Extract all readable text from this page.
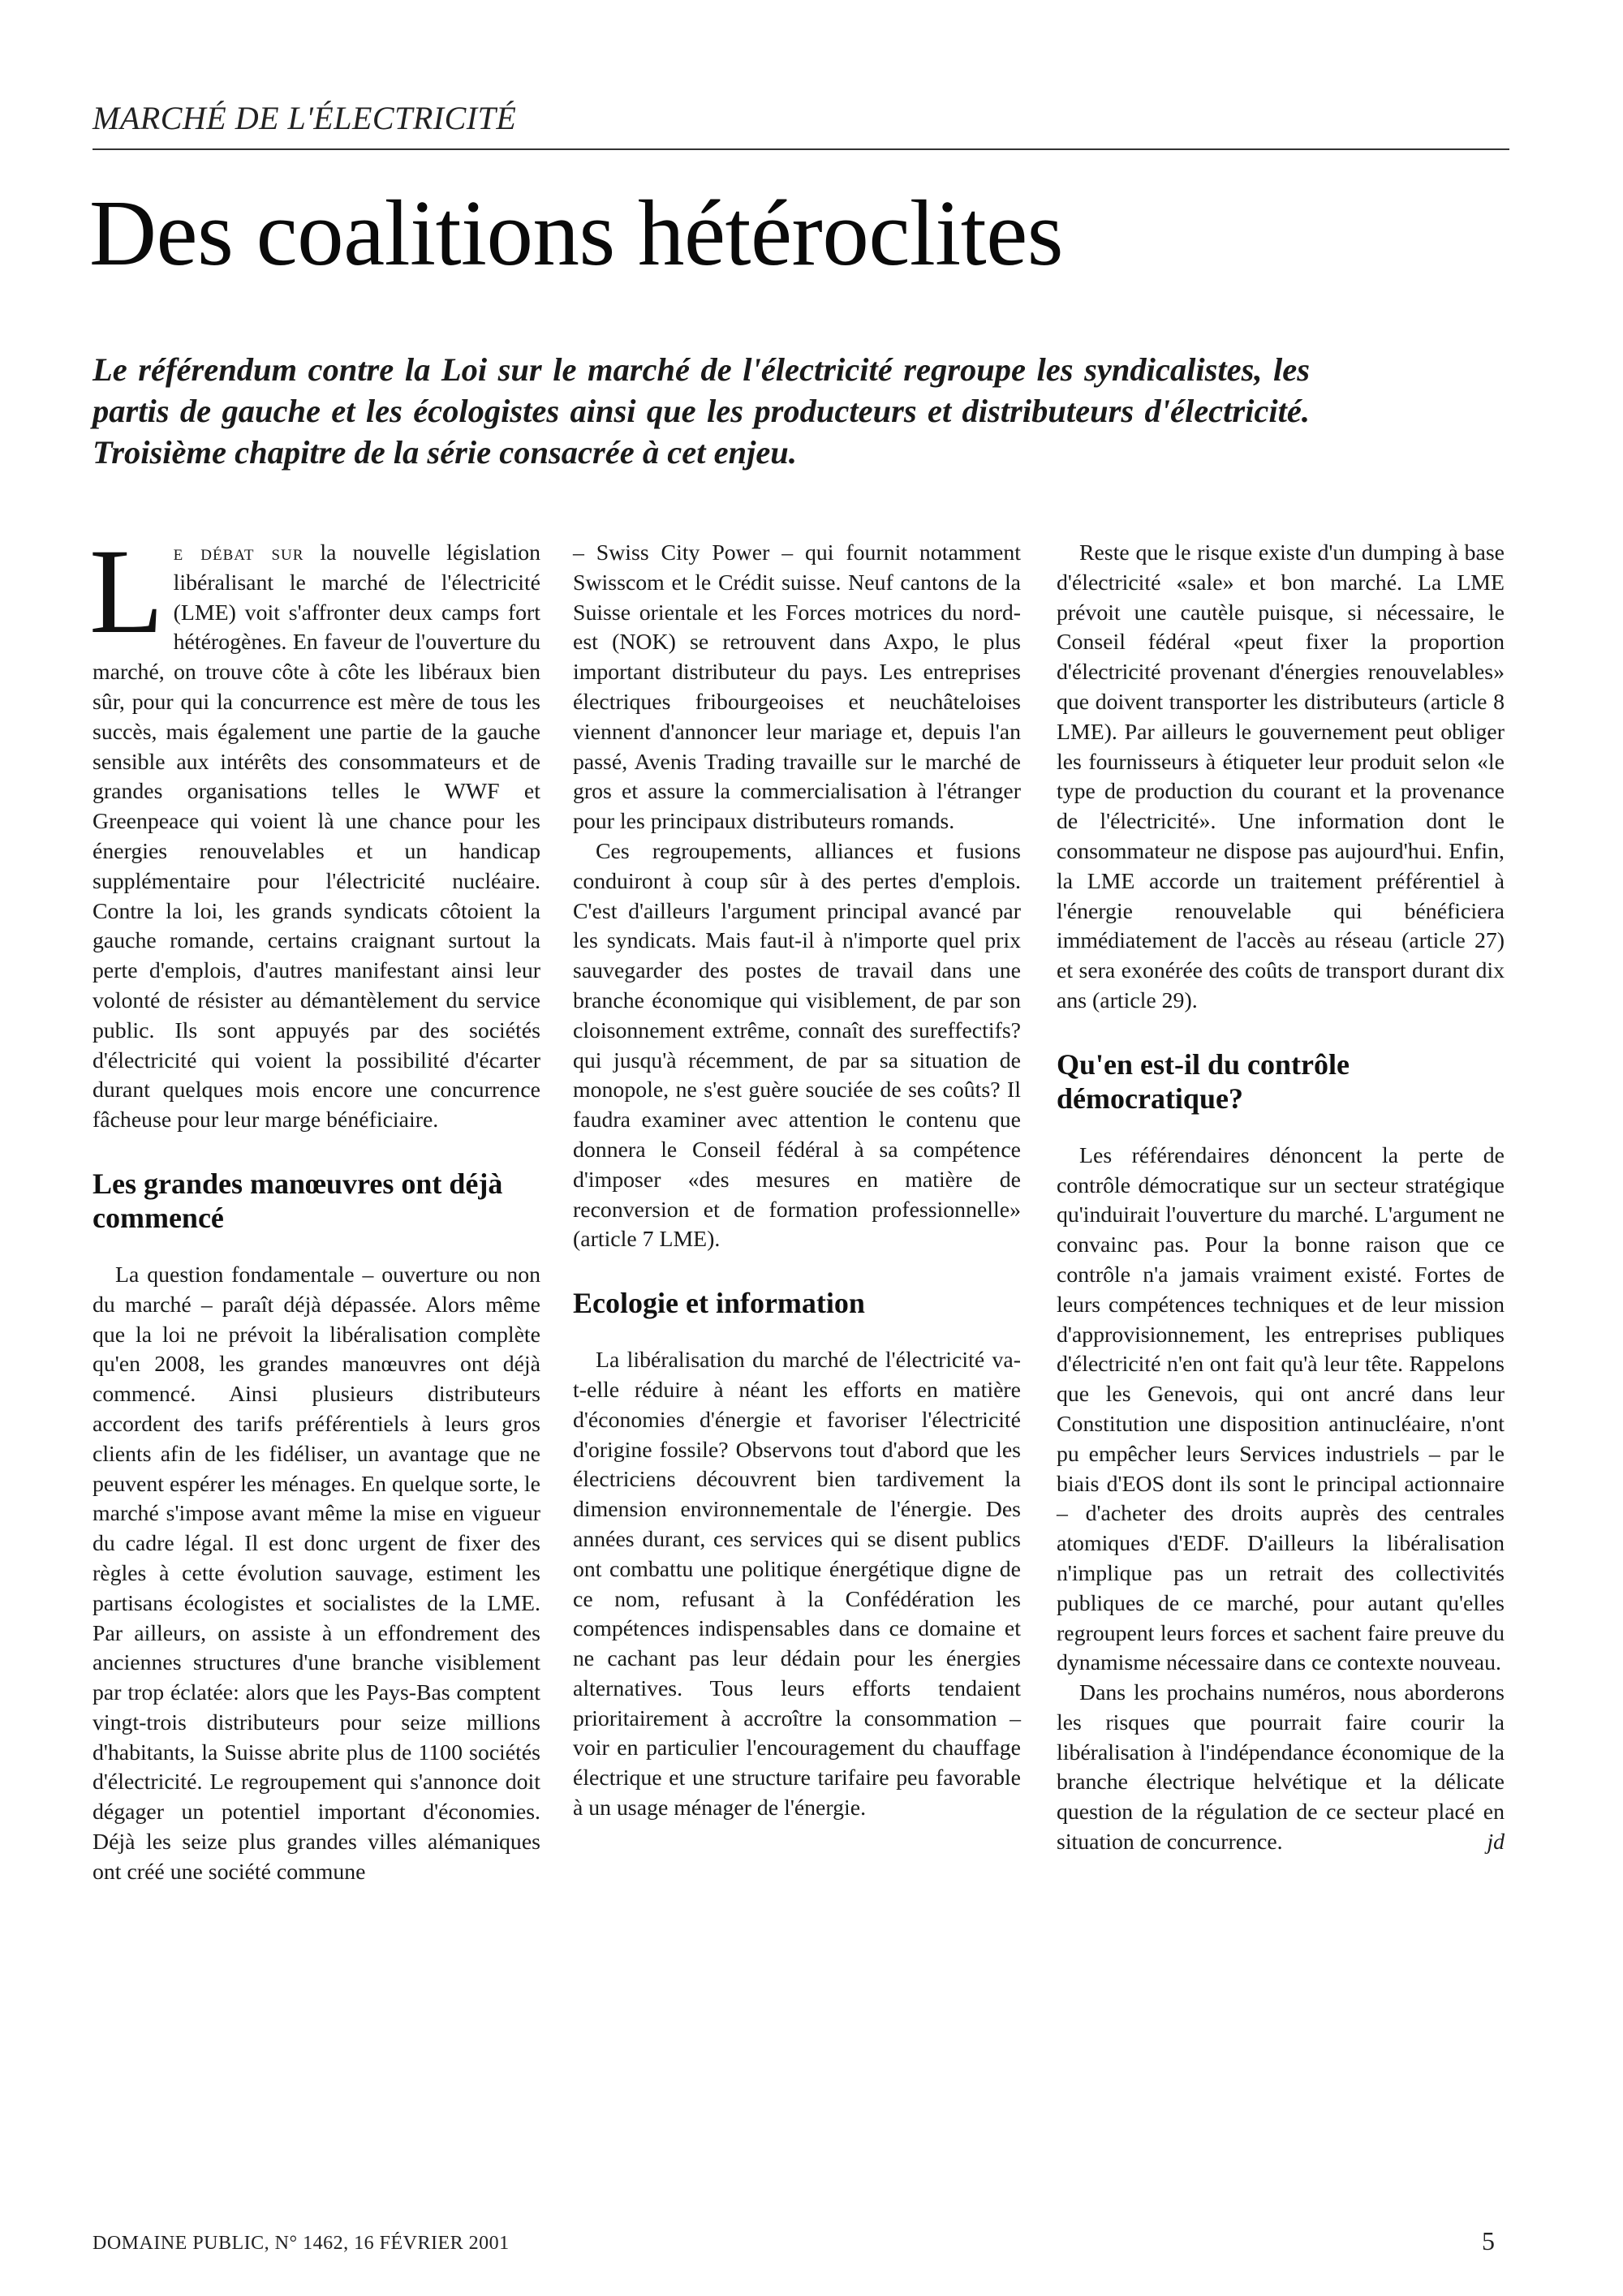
MARCHÉ DE L'ÉLECTRICITÉ
Des coalitions hétéroclites

Le référendum contre la Loi sur le marché de l'électricité regroupe les syndicalistes, les partis de gauche et les écologistes ainsi que les producteurs et distributeurs d'électricité. Troisième chapitre de la série consacrée à cet enjeu.

Le débat sur la nouvelle législation libéralisant le marché de l'électricité (LME) voit s'affronter deux camps fort hétérogènes. En faveur de l'ouverture du marché, on trouve côte à côte les libéraux bien sûr, pour qui la concurrence est mère de tous les succès, mais également une partie de la gauche sensible aux intérêts des consommateurs et de grandes organisations telles le WWF et Greenpeace qui voient là une chance pour les énergies renouvelables et un handicap supplémentaire pour l'électricité nucléaire. Contre la loi, les grands syndicats côtoient la gauche romande, certains craignant surtout la perte d'emplois, d'autres manifestant ainsi leur volonté de résister au démantèlement du service public. Ils sont appuyés par des sociétés d'électricité qui voient la possibilité d'écarter durant quelques mois encore une concurrence fâcheuse pour leur marge bénéficiaire.

Les grandes manœuvres ont déjà commencé

La question fondamentale – ouverture ou non du marché – paraît déjà dépassée. Alors même que la loi ne prévoit la libéralisation complète qu'en 2008, les grandes manœuvres ont déjà commencé. Ainsi plusieurs distributeurs accordent des tarifs préférentiels à leurs gros clients afin de les fidéliser, un avantage que ne peuvent espérer les ménages. En quelque sorte, le marché s'impose avant même la mise en vigueur du cadre légal. Il est donc urgent de fixer des règles à cette évolution sauvage, estiment les partisans écologistes et socialistes de la LME. Par ailleurs, on assiste à un effondrement des anciennes structures d'une branche visiblement par trop éclatée: alors que les Pays-Bas comptent vingt-trois distributeurs pour seize millions d'habitants, la Suisse abrite plus de 1100 sociétés d'électricité. Le regroupement qui s'annonce doit dégager un potentiel important d'économies. Déjà les seize plus grandes villes alémaniques ont créé une société commune

– Swiss City Power – qui fournit notamment Swisscom et le Crédit suisse. Neuf cantons de la Suisse orientale et les Forces motrices du nord-est (NOK) se retrouvent dans Axpo, le plus important distributeur du pays. Les entreprises électriques fribourgeoises et neuchâteloises viennent d'annoncer leur mariage et, depuis l'an passé, Avenis Trading travaille sur le marché de gros et assure la commercialisation à l'étranger pour les principaux distributeurs romands.

Ces regroupements, alliances et fusions conduiront à coup sûr à des pertes d'emplois. C'est d'ailleurs l'argument principal avancé par les syndicats. Mais faut-il à n'importe quel prix sauvegarder des postes de travail dans une branche économique qui visiblement, de par son cloisonnement extrême, connaît des sureffectifs? qui jusqu'à récemment, de par sa situation de monopole, ne s'est guère souciée de ses coûts? Il faudra examiner avec attention le contenu que donnera le Conseil fédéral à sa compétence d'imposer «des mesures en matière de reconversion et de formation professionnelle» (article 7 LME).

Ecologie et information

La libéralisation du marché de l'électricité va-t-elle réduire à néant les efforts en matière d'économies d'énergie et favoriser l'électricité d'origine fossile? Observons tout d'abord que les électriciens découvrent bien tardivement la dimension environnementale de l'énergie. Des années durant, ces services qui se disent publics ont combattu une politique énergétique digne de ce nom, refusant à la Confédération les compétences indispensables dans ce domaine et ne cachant pas leur dédain pour les énergies alternatives. Tous leurs efforts tendaient prioritairement à accroître la consommation – voir en particulier l'encouragement du chauffage électrique et une structure tarifaire peu favorable à un usage ménager de l'énergie.

Reste que le risque existe d'un dumping à base d'électricité «sale» et bon marché. La LME prévoit une cautèle puisque, si nécessaire, le Conseil fédéral «peut fixer la proportion d'électricité provenant d'énergies renouvelables» que doivent transporter les distributeurs (article 8 LME). Par ailleurs le gouvernement peut obliger les fournisseurs à étiqueter leur produit selon «le type de production du courant et la provenance de l'électricité». Une information dont le consommateur ne dispose pas aujourd'hui. Enfin, la LME accorde un traitement préférentiel à l'énergie renouvelable qui bénéficiera immédiatement de l'accès au réseau (article 27) et sera exonérée des coûts de transport durant dix ans (article 29).

Qu'en est-il du contrôle démocratique?

Les référendaires dénoncent la perte de contrôle démocratique sur un secteur stratégique qu'induirait l'ouverture du marché. L'argument ne convainc pas. Pour la bonne raison que ce contrôle n'a jamais vraiment existé. Fortes de leurs compétences techniques et de leur mission d'approvisionnement, les entreprises publiques d'électricité n'en ont fait qu'à leur tête. Rappelons que les Genevois, qui ont ancré dans leur Constitution une disposition antinucléaire, n'ont pu empêcher leurs Services industriels – par le biais d'EOS dont ils sont le principal actionnaire – d'acheter des droits auprès des centrales atomiques d'EDF. D'ailleurs la libéralisation n'implique pas un retrait des collectivités publiques de ce marché, pour autant qu'elles regroupent leurs forces et sachent faire preuve du dynamisme nécessaire dans ce contexte nouveau.

Dans les prochains numéros, nous aborderons les risques que pourrait faire courir la libéralisation à l'indépendance économique de la branche électrique helvétique et la délicate question de la régulation de ce secteur placé en situation de concurrence.	jd

DOMAINE PUBLIC, N° 1462, 16 FÉVRIER 2001	5
